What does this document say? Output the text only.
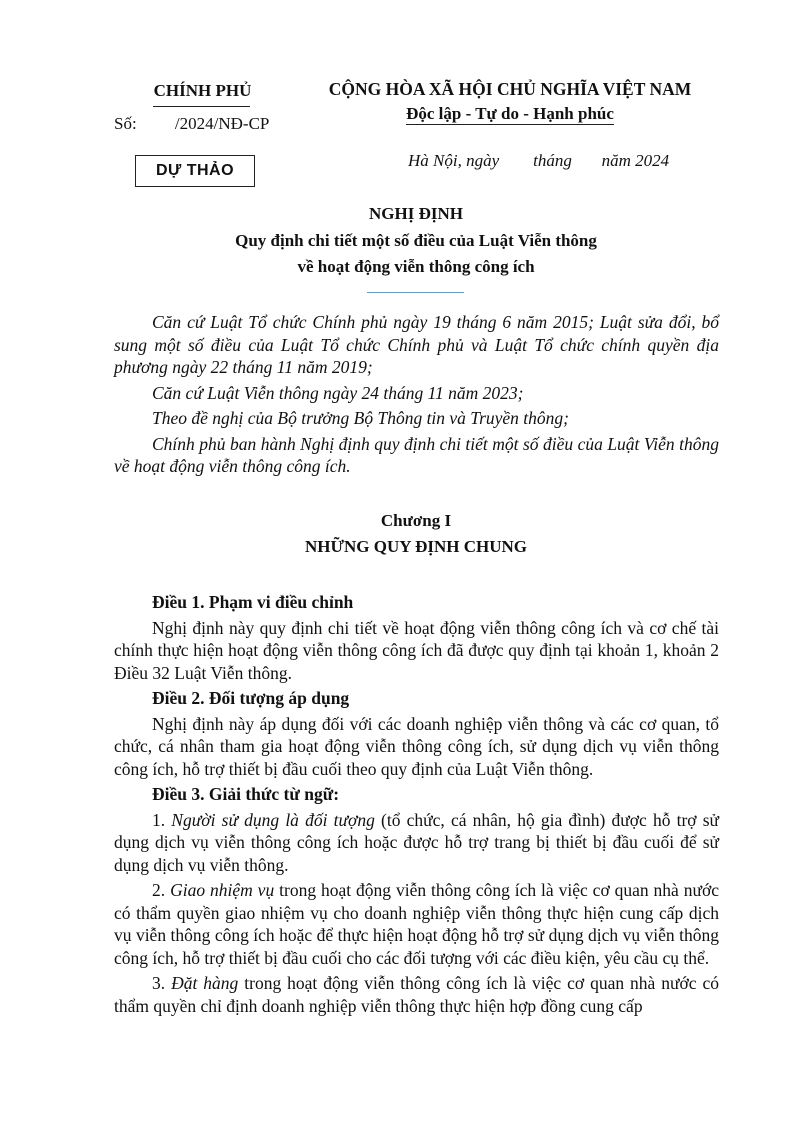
CHÍNH PHỦ
Số:         /2024/NĐ-CP
CỘNG HÒA XÃ HỘI CHỦ NGHĨA VIỆT NAM
Độc lập - Tự do - Hạnh phúc
DỰ THẢO
Hà Nội, ngày        tháng       năm 2024
NGHỊ ĐỊNH
Quy định chi tiết một số điều của Luật Viễn thông
về hoạt động viễn thông công ích
Căn cứ Luật Tổ chức Chính phủ ngày 19 tháng 6 năm 2015; Luật sửa đổi, bổ sung một số điều của Luật Tổ chức Chính phủ và Luật Tổ chức chính quyền địa phương ngày 22 tháng 11 năm 2019;
Căn cứ Luật Viễn thông ngày 24 tháng 11 năm 2023;
Theo đề nghị của Bộ trưởng Bộ Thông tin và Truyền thông;
Chính phủ ban hành Nghị định quy định chi tiết một số điều của Luật Viễn thông về hoạt động viễn thông công ích.
Chương I
NHỮNG QUY ĐỊNH CHUNG
Điều 1. Phạm vi điều chỉnh
Nghị định này quy định chi tiết về hoạt động viễn thông công ích và cơ chế tài chính thực hiện hoạt động viễn thông công ích đã được quy định tại khoản 1, khoản 2 Điều 32 Luật Viễn thông.
Điều 2. Đối tượng áp dụng
Nghị định này áp dụng đối với các doanh nghiệp viễn thông và các cơ quan, tổ chức, cá nhân tham gia hoạt động viễn thông công ích, sử dụng dịch vụ viễn thông công ích, hỗ trợ thiết bị đầu cuối theo quy định của Luật Viễn thông.
Điều 3. Giải thức từ ngữ:
1. Người sử dụng là đối tượng (tổ chức, cá nhân, hộ gia đình) được hỗ trợ sử dụng dịch vụ viễn thông công ích hoặc được hỗ trợ trang bị thiết bị đầu cuối để sử dụng dịch vụ viễn thông.
2. Giao nhiệm vụ trong hoạt động viễn thông công ích là việc cơ quan nhà nước có thẩm quyền giao nhiệm vụ cho doanh nghiệp viễn thông thực hiện cung cấp dịch vụ viễn thông công ích hoặc để thực hiện hoạt động hỗ trợ sử dụng dịch vụ viễn thông công ích, hỗ trợ thiết bị đầu cuối cho các đối tượng với các điều kiện, yêu cầu cụ thể.
3. Đặt hàng trong hoạt động viễn thông công ích là việc cơ quan nhà nước có thẩm quyền chỉ định doanh nghiệp viễn thông thực hiện hợp đồng cung cấp
